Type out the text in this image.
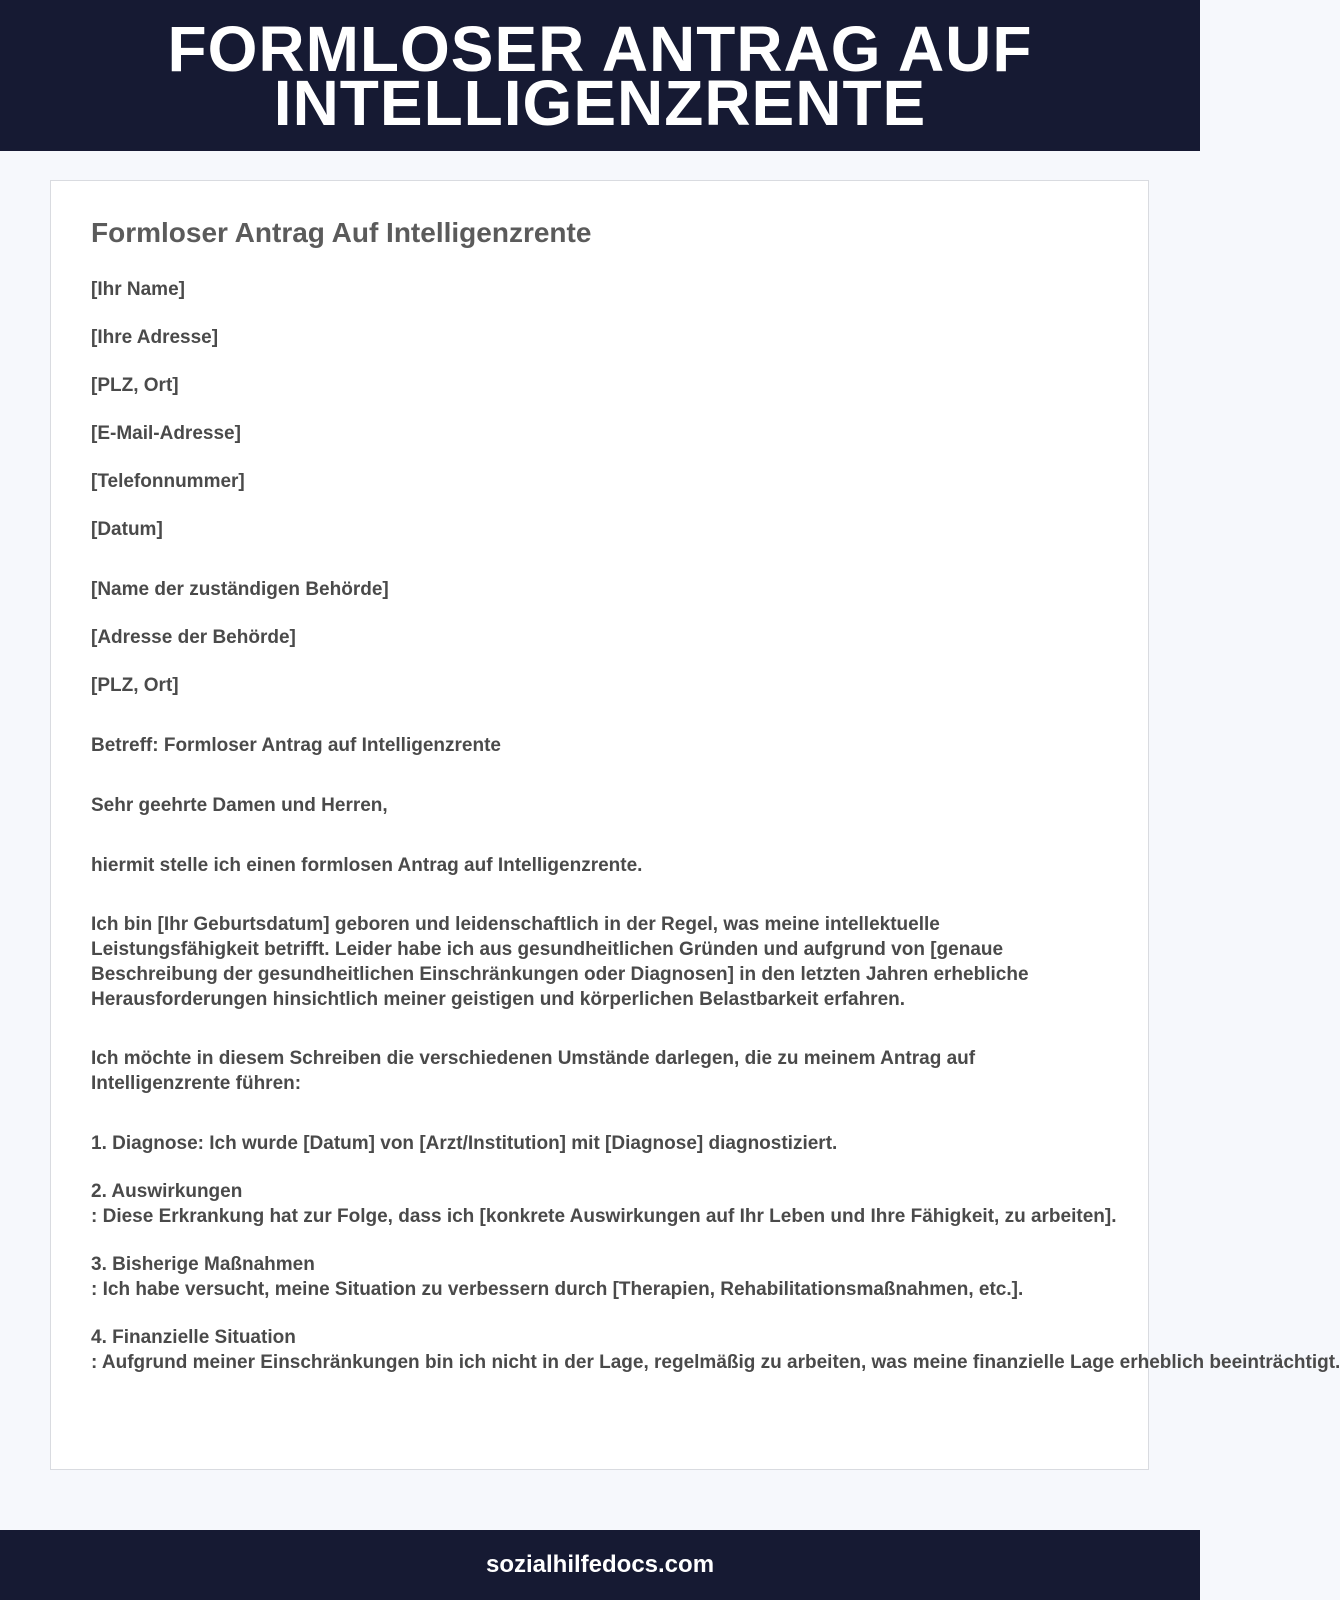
FORMLOSER ANTRAG AUF INTELLIGENZRENTE
Formloser Antrag Auf Intelligenzrente

[Ihr Name]

[Ihre Adresse]

[PLZ, Ort]

[E-Mail-Adresse]

[Telefonnummer]

[Datum]

[Name der zuständigen Behörde]

[Adresse der Behörde]

[PLZ, Ort]

Betreff: Formloser Antrag auf Intelligenzrente

Sehr geehrte Damen und Herren,

hiermit stelle ich einen formlosen Antrag auf Intelligenzrente.

Ich bin [Ihr Geburtsdatum] geboren und leidenschaftlich in der Regel, was meine intellektuelle Leistungsfähigkeit betrifft. Leider habe ich aus gesundheitlichen Gründen und aufgrund von [genaue Beschreibung der gesundheitlichen Einschränkungen oder Diagnosen] in den letzten Jahren erhebliche Herausforderungen hinsichtlich meiner geistigen und körperlichen Belastbarkeit erfahren.

Ich möchte in diesem Schreiben die verschiedenen Umstände darlegen, die zu meinem Antrag auf Intelligenzrente führen:

1. Diagnose: Ich wurde [Datum] von [Arzt/Institution] mit [Diagnose] diagnostiziert.

2. Auswirkungen

: Diese Erkrankung hat zur Folge, dass ich [konkrete Auswirkungen auf Ihr Leben und Ihre Fähigkeit, zu arbeiten].

3. Bisherige Maßnahmen

: Ich habe versucht, meine Situation zu verbessern durch [Therapien, Rehabilitationsmaßnahmen, etc.].

4. Finanzielle Situation

: Aufgrund meiner Einschränkungen bin ich nicht in der Lage, regelmäßig zu arbeiten, was meine finanzielle Lage erheblich beeinträchtigt.

sozialhilfedocs.com
